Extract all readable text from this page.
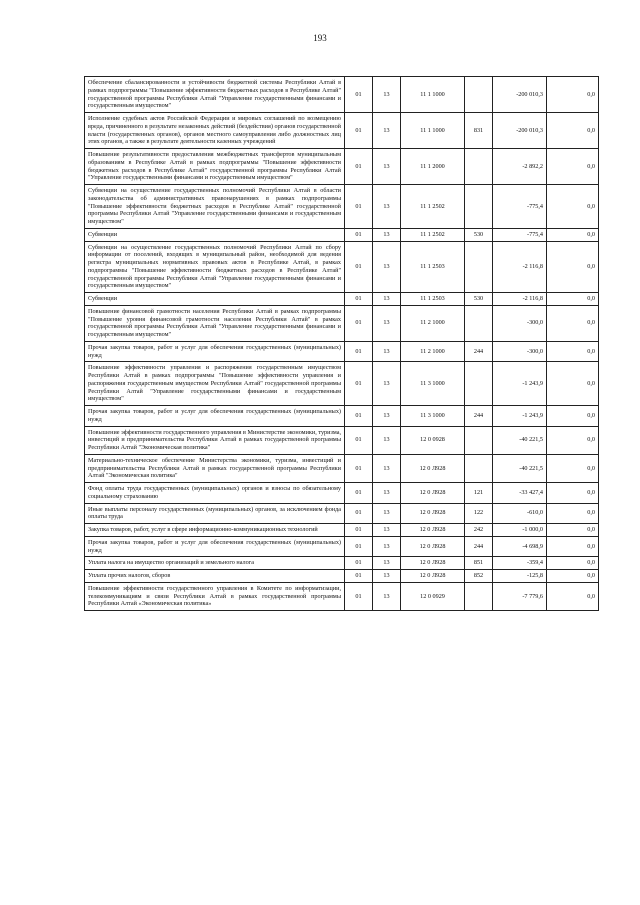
193
Обеспечение сбалансированности и устойчивости бюджетной системы Республики Алтай в рамках подпрограммы "Повышение эффективности бюджетных расходов в Республике Алтай" государственной программы Республики Алтай "Управление государственными финансами и государственным имуществом"	01	13	11 1 1000		-200 010,3	0,0
Исполнение судебных актов Российской Федерации и мировых соглашений по возмещению вреда, причиненного в результате незаконных действий (бездействия) органов государственной власти (государственных органов), органов местного самоуправления либо должностных лиц этих органов, а также в результате деятельности казенных учреждений	01	13	11 1 1000	831	-200 010,3	0,0
Повышение результативности предоставления межбюджетных трансфертов муниципальным образованиям в Республике Алтай в рамках подпрограммы "Повышение эффективности бюджетных расходов в Республике Алтай" государственной программы Республики Алтай "Управление государственными финансами и государственным имуществом"	01	13	11 1 2000		-2 892,2	0,0
Субвенции на осуществление государственных полномочий Республики Алтай в области законодательства об административных правонарушениях в рамках подпрограммы "Повышение эффективности бюджетных расходов в Республике Алтай" государственной программы Республики Алтай "Управление государственными финансами и государственным имуществом"	01	13	11 1 2502		-775,4	0,0
Субвенции	01	13	11 1 2502	530	-775,4	0,0
Субвенции на осуществление государственных полномочий Республики Алтай по сбору информации от поселений, входящих в муниципальный район, необходимой для ведения регистра муниципальных нормативных правовых актов в Республике Алтай, в рамках подпрограммы "Повышение эффективности бюджетных расходов в Республике Алтай" государственной программы Республики Алтай "Управление государственными финансами и государственным имуществом"	01	13	11 1 2503		-2 116,8	0,0
Субвенции	01	13	11 1 2503	530	-2 116,8	0,0
Повышение финансовой грамотности населения Республики Алтай в рамках подпрограммы "Повышение уровня финансовой грамотности населения Республики Алтай" в рамках государственной программы Республики Алтай "Управление государственными финансами и государственным имуществом"	01	13	11 2 1000		-300,0	0,0
Прочая закупка товаров, работ и услуг для обеспечения государственных (муниципальных) нужд	01	13	11 2 1000	244	-300,0	0,0
Повышение эффективности управления и распоряжения государственным имуществом Республики Алтай в рамках подпрограммы "Повышение эффективности управления и распоряжения государственным имуществом Республики Алтай" государственной программы Республики Алтай "Управление государственными финансами и государственным имуществом"	01	13	11 3 1000		-1 243,9	0,0
Прочая закупка товаров, работ и услуг для обеспечения государственных (муниципальных) нужд	01	13	11 3 1000	244	-1 243,9	0,0
Повышение эффективности государственного управления в Министерстве экономики, туризма, инвестиций и предпринимательства Республики Алтай в рамках государственной программы Республики Алтай "Экономическая политика"	01	13	12 0 0928		-40 221,5	0,0
Материально-техническое обеспечение Министерства экономики, туризма, инвестиций и предпринимательства Республики Алтай в рамках государственной программы Республики Алтай "Экономическая политика"	01	13	12 0 Л928		-40 221,5	0,0
Фонд оплаты труда государственных (муниципальных) органов и взносы по обязательному социальному страхованию	01	13	12 0 Л928	121	-33 427,4	0,0
Иные выплаты персоналу государственных (муниципальных) органов, за исключением фонда оплаты труда	01	13	12 0 Л928	122	-610,0	0,0
Закупка товаров, работ, услуг в сфере информационно-коммуникационных технологий	01	13	12 0 Л928	242	-1 000,0	0,0
Прочая закупка товаров, работ и услуг для обеспечения государственных (муниципальных) нужд	01	13	12 0 Л928	244	-4 698,9	0,0
Уплата налога на имущество организаций и земельного налога	01	13	12 0 Л928	851	-359,4	0,0
Уплата прочих налогов, сборов	01	13	12 0 Л928	852	-125,8	0,0
Повышение эффективности государственного управления в Комитете по информатизации, телекоммуникациям и связи Республики Алтай в рамках государственной программы Республики Алтай «Экономическая политика»	01	13	12 0 0929		-7 779,6	0,0
